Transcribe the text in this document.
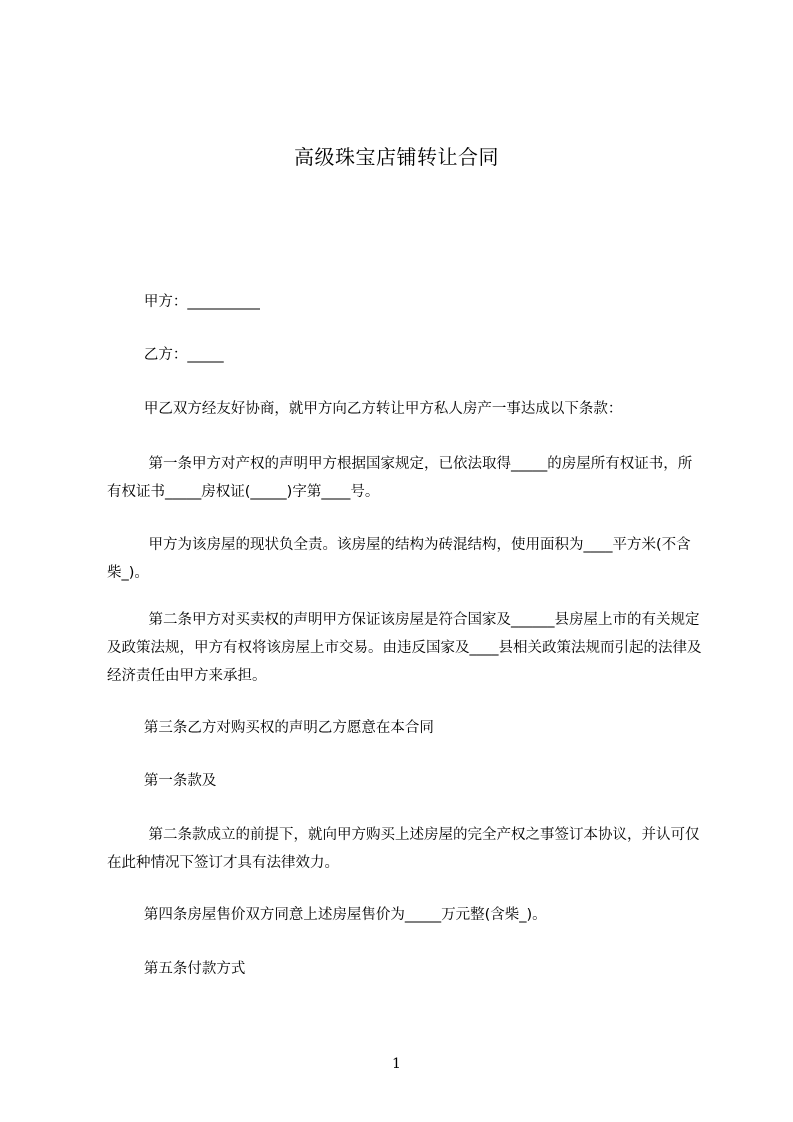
高级珠宝店铺转让合同
甲方：__________
乙方：_____
甲乙双方经友好协商，就甲方向乙方转让甲方私人房产一事达成以下条款：
第一条甲方对产权的声明甲方根据国家规定，已依法取得_____的房屋所有权证书，所有权证书_____房权证(_____)字第____号。
甲方为该房屋的现状负全责。该房屋的结构为砖混结构，使用面积为____平方米(不含柴_)。
第二条甲方对买卖权的声明甲方保证该房屋是符合国家及______县房屋上市的有关规定及政策法规，甲方有权将该房屋上市交易。由违反国家及____县相关政策法规而引起的法律及经济责任由甲方来承担。
第三条乙方对购买权的声明乙方愿意在本合同
第一条款及
第二条款成立的前提下，就向甲方购买上述房屋的完全产权之事签订本协议，并认可仅在此种情况下签订才具有法律效力。
第四条房屋售价双方同意上述房屋售价为_____万元整(含柴_)。
第五条付款方式
1
